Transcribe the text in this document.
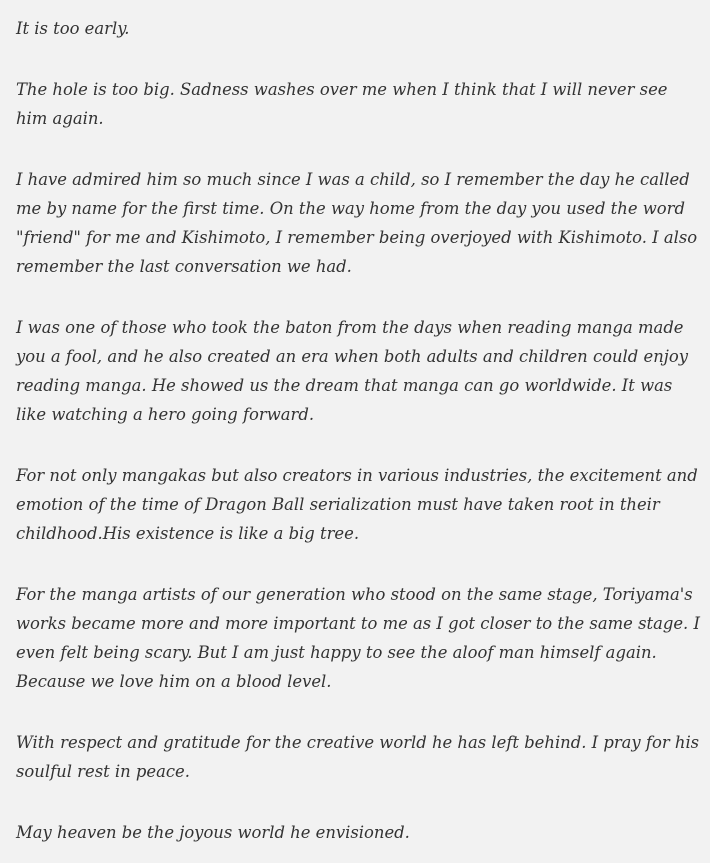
It is too early.

The hole is too big. Sadness washes over me when I think that I will never see him again.

I have admired him so much since I was a child, so I remember the day he called me by name for the first time. On the way home from the day you used the word "friend" for me and Kishimoto, I remember being overjoyed with Kishimoto. I also remember the last conversation we had.

I was one of those who took the baton from the days when reading manga made you a fool, and he also created an era when both adults and children could enjoy reading manga. He showed us the dream that manga can go worldwide. It was like watching a hero going forward.

For not only mangakas but also creators in various industries, the excitement and emotion of the time of Dragon Ball serialization must have taken root in their childhood.His existence is like a big tree.

For the manga artists of our generation who stood on the same stage, Toriyama's works became more and more important to me as I got closer to the same stage. I even felt being scary. But I am just happy to see the aloof man himself again. Because we love him on a blood level.

With respect and gratitude for the creative world he has left behind. I pray for his soulful rest in peace.

May heaven be the joyous world he envisioned.
